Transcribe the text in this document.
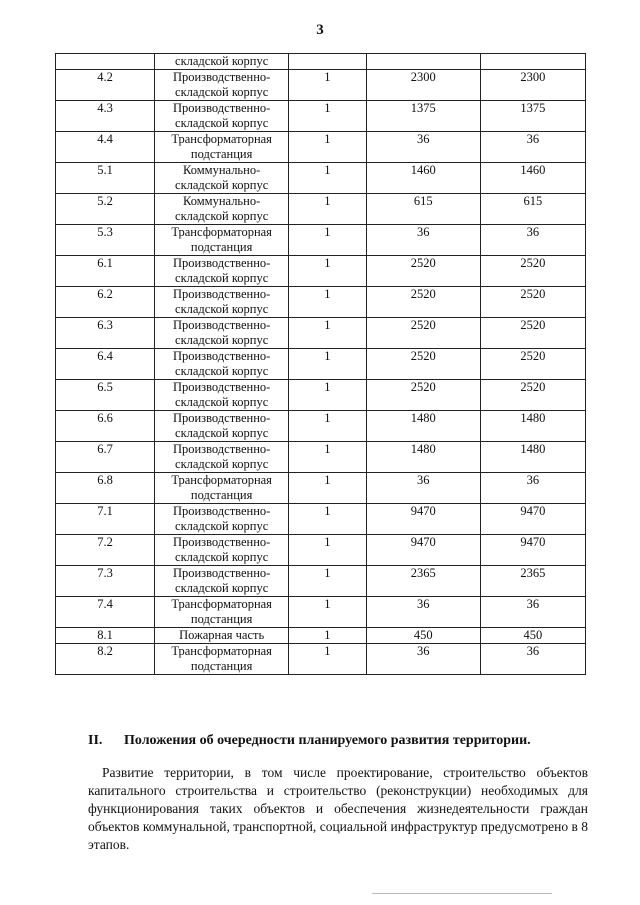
3
	складской корпус			
4.2	Производственно-складской корпус	1	2300	2300
4.3	Производственно-складской корпус	1	1375	1375
4.4	Трансформаторная подстанция	1	36	36
5.1	Коммунально-складской корпус	1	1460	1460
5.2	Коммунально-складской корпус	1	615	615
5.3	Трансформаторная подстанция	1	36	36
6.1	Производственно-складской корпус	1	2520	2520
6.2	Производственно-складской корпус	1	2520	2520
6.3	Производственно-складской корпус	1	2520	2520
6.4	Производственно-складской корпус	1	2520	2520
6.5	Производственно-складской корпус	1	2520	2520
6.6	Производственно-складской корпус	1	1480	1480
6.7	Производственно-складской корпус	1	1480	1480
6.8	Трансформаторная подстанция	1	36	36
7.1	Производственно-складской корпус	1	9470	9470
7.2	Производственно-складской корпус	1	9470	9470
7.3	Производственно-складской корпус	1	2365	2365
7.4	Трансформаторная подстанция	1	36	36
8.1	Пожарная часть	1	450	450
8.2	Трансформаторная подстанция	1	36	36
II. Положения об очередности планируемого развития территории.
Развитие территории, в том числе проектирование, строительство объектов капитального строительства и строительство (реконструкции) необходимых для функционирования таких объектов и обеспечения жизнедеятельности граждан объектов коммунальной, транспортной, социальной инфраструктур предусмотрено в 8 этапов.
